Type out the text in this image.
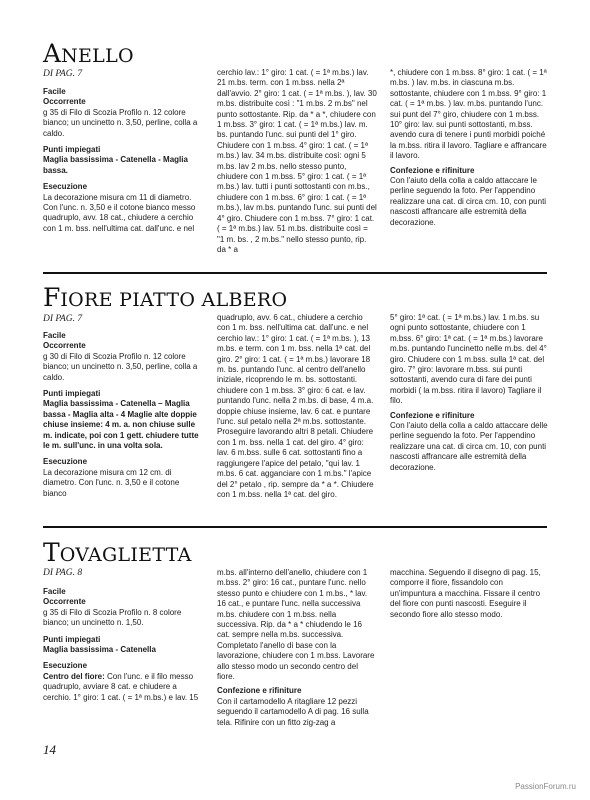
ANELLO
DI PAG. 7

Facile

Occorrente

g 35 di Filo di Scozia Profilo n. 12 colore bianco; un uncinetto n. 3,50, perline, colla a caldo.

Punti impiegati

Maglia bassissima - Catenella - Maglia bassa.

Esecuzione

La decorazione misura cm 11 di diametro. Con l'unc. n. 3,50 e il cotone bianco messo quadruplo, avv. 18 cat., chiudere a cerchio con 1 m. bss. nell'ultima cat. dall'unc. e nel

cerchio lav.: 1° giro: 1 cat. ( = 1ª m.bs.) lav. 21 m.bs. term. con 1 m.bss. nella 2ª dall'avvio. 2° giro: 1 cat. ( = 1ª m.bs. ), lav. 30 m.bs. distribuite così : "1 m.bs. 2 m.bs" nel punto sottostante. Rip. da * a *, chiudere con 1 m.bss. 3° giro: 1 cat. ( = 1ª m.bs.) lav. m. bs. puntando l'unc. sui punti del 1° giro. Chiudere con 1 m.bss. 4° giro: 1 cat. ( = 1ª m.bs.) lav. 34 m.bs. distribuite così: ogni 5 m.bs. lav 2 m.bs. nello stesso punto, chiudere con 1 m.bss. 5° giro: 1 cat. ( = 1ª m.bs.) lav. tutti i punti sottostanti con m.bs., chiudere con 1 m.bss. 6° giro: 1 cat. ( = 1ª m.bs.), lav m.bs. puntando l'unc. sui punti del 4° giro. Chiudere con 1 m.bss. 7° giro: 1 cat. ( = 1ª m.bs.) lav. 51 m.bs. distribuite così = "1 m. bs. , 2 m.bs." nello stesso punto, rip. da * a

*, chiudere con 1 m.bss. 8° giro: 1 cat. ( = 1ª m.bs. ) lav. m.bs. in ciascuna m.bs. sottostante, chiudere con 1 m.bss. 9° giro: 1 cat. ( = 1ª m.bs. ) lav. m.bs. puntando l'unc. sui punt del 7° giro, chiudere con 1 m.bss. 10° giro: lav. sui punti sottostanti, m.bss. avendo cura di tenere i punti morbidi poiché la m.bss. ritira il lavoro. Tagliare e affrancare il lavoro.

Confezione e rifiniture

Con l'aiuto della colla a caldo attaccare le perline seguendo la foto. Per l'appendino realizzare una cat. di circa cm. 10, con punti nascosti affrancare alle estremità della decorazione.

FIORE PIATTO ALBERO
DI PAG. 7

Facile

Occorrente

g 30 di Filo di Scozia Profilo n. 12 colore bianco; un uncinetto n. 3,50, perline, colla a caldo.

Punti impiegati

Maglia bassissima - Catenella – Maglia bassa - Maglia alta - 4 Maglie alte doppie chiuse insieme: 4 m. a. non chiuse sulle m. indicate, poi con 1 gett. chiudere tutte le m. sull'unc. in una volta sola.

Esecuzione

La decorazione misura cm 12 cm. di diametro. Con l'unc. n. 3,50 e il cotone bianco

quadruplo, avv. 6 cat., chiudere a cerchio con 1 m. bss. nell'ultima cat. dall'unc. e nel cerchio lav.: 1° giro: 1 cat. ( = 1ª m.bs. ), 13 m.bs. e term. con 1 m. bss. nella 1ª cat. del giro. 2° giro: 1 cat. ( = 1ª m.bs.) lavorare 18 m. bs. puntando l'unc. al centro dell'anello iniziale, ricoprendo le m. bs. sottostanti. chiudere con 1 m.bss. 3° giro: 6 cat. e lav. puntando l'unc. nella 2 m.bs. di base, 4 m.a. doppie chiuse insieme, lav. 6 cat. e puntare l'unc. sul petalo nella 2ª m.bs. sottostante. Proseguire lavorando altri 8 petali. Chiudere con 1 m. bss. nella 1 cat. del giro. 4° giro: lav. 6 m.bss. sulle 6 cat. sottostanti fino a raggiungere l'apice del petalo, "qui lav. 1 m.bs. 6 cat. agganciare con 1 m.bs." l'apice del 2° petalo , rip. sempre da * a *. Chiudere con 1 m.bss. nella 1ª cat. del giro.

5° giro: 1ª cat. ( = 1ª m.bs.) lav. 1 m.bs. su ogni punto sottostante, chiudere con 1 m.bss. 6° giro: 1ª cat. ( = 1ª m.bs.) lavorare m.bs. puntando l'uncinetto nelle m.bs. del 4° giro. Chiudere con 1 m.bss. sulla 1ª cat. del giro. 7° giro: lavorare m.bss. sui punti sottostanti, avendo cura di fare dei punti morbidi ( la m.bss. ritira il lavoro) Tagliare il filo.

Confezione e rifiniture

Con l'aiuto della colla a caldo attaccare delle perline seguendo la foto. Per l'appendino realizzare una cat. di circa cm. 10, con punti nascosti affrancare alle estremità della decorazione.

TOVAGLIETTA
DI PAG. 8

Facile

Occorrente

g 35 di Filo di Scozia Profilo n. 8 colore bianco; un uncinetto n. 1,50.

Punti impiegati

Maglia bassissima - Catenella

Esecuzione

Centro del fiore: Con l'unc. e il filo messo quadruplo, avviare 8 cat. e chiudere a cerchio. 1° giro: 1 cat. ( = 1ª m.bs.) e lav. 15

m.bs. all'interno dell'anello, chiudere con 1 m.bss. 2° giro: 16 cat., puntare l'unc. nello stesso punto e chiudere con 1 m.bs., * lav. 16 cat., e puntare l'unc. nella successiva m.bs. chiudere con 1 m.bss. nella successiva. Rip. da * a * chiudendo le 16 cat. sempre nella m.bs. successiva. Completato l'anello di base con la lavorazione, chiudere con 1 m.bss. Lavorare allo stesso modo un secondo centro del fiore.

Confezione e rifiniture

Con il cartamodello A ritagliare 12 pezzi seguendo il cartamodello A di pag. 16 sulla tela. Rifinire con un fitto zig-zag a

macchina. Seguendo il disegno di pag. 15, comporre il fiore, fissandolo con un'impuntura a macchina. Fissare il centro del fiore con punti nascosti. Eseguire il secondo fiore allo stesso modo.

14
PassionForum.ru
